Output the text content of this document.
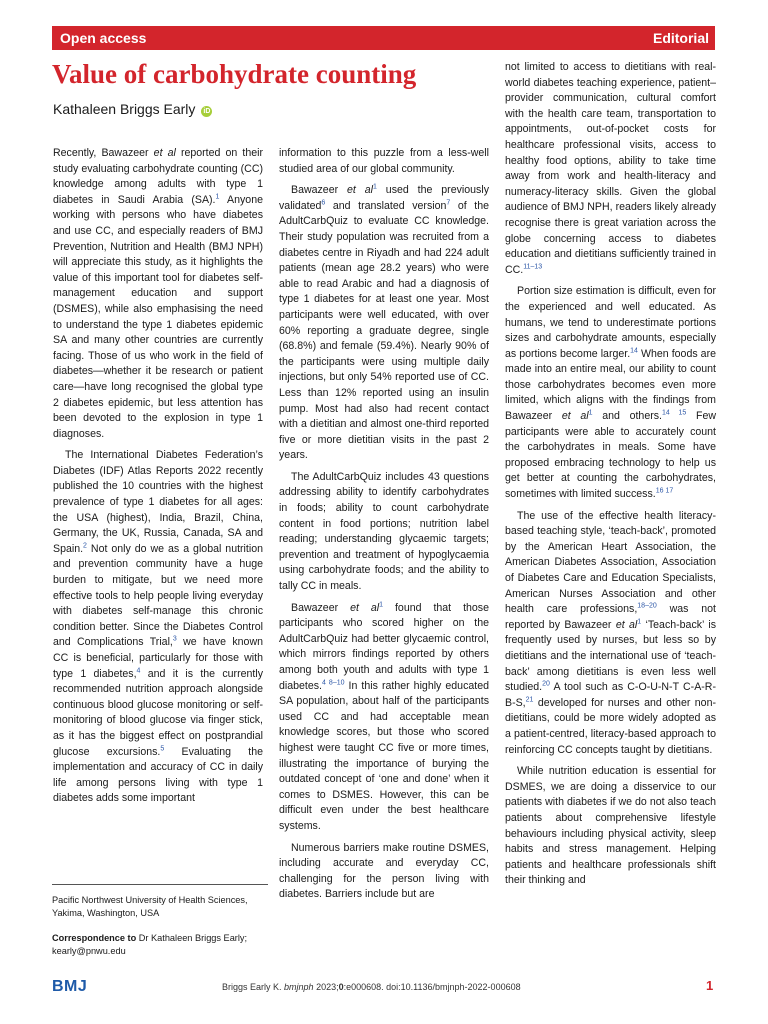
Open access	Editorial
Value of carbohydrate counting
Kathaleen Briggs Early iD

Recently, Bawazeer et al reported on their study evaluating carbohydrate counting (CC) knowledge among adults with type 1 diabetes in Saudi Arabia (SA).$^1$ Anyone working with persons who have diabetes and use CC, and especially readers of BMJ Prevention, Nutrition and Health (BMJ NPH) will appreciate this study, as it highlights the value of this important tool for diabetes self-management education and support (DSMES), while also emphasising the need to understand the type 1 diabetes epidemic SA and many other countries are currently facing. Those of us who work in the field of diabetes—whether it be research or patient care—have long recognised the global type 2 diabetes epidemic, but less attention has been devoted to the explosion in type 1 diagnoses.

The International Diabetes Federation’s Diabetes (IDF) Atlas Reports 2022 recently published the 10 countries with the highest prevalence of type 1 diabetes for all ages: the USA (highest), India, Brazil, China, Germany, the UK, Russia, Canada, SA and Spain.$^2$ Not only do we as a global nutrition and prevention community have a huge burden to mitigate, but we need more effective tools to help people living everyday with diabetes self-manage this chronic condition better. Since the Diabetes Control and Complications Trial,$^3$ we have known CC is beneficial, particularly for those with type 1 diabetes,$^4$ and it is the currently recommended nutrition approach alongside continuous blood glucose monitoring or self-monitoring of blood glucose via finger stick, as it has the biggest effect on postprandial glucose excursions.$^5$ Evaluating the implementation and accuracy of CC in daily life among persons living with type 1 diabetes adds some important

information to this puzzle from a less-well studied area of our global community.

Bawazeer et $al^1$ used the previously validated$^6$ and translated version$^7$ of the AdultCarbQuiz to evaluate CC knowledge. Their study population was recruited from a diabetes centre in Riyadh and had 224 adult patients (mean age 28.2 years) who were able to read Arabic and had a diagnosis of type 1 diabetes for at least one year. Most participants were well educated, with over 60% reporting a graduate degree, single (68.8%) and female (59.4%). Nearly 90% of the participants were using multiple daily injections, but only 54% reported use of CC. Less than 12% reported using an insulin pump. Most had also had recent contact with a dietitian and almost one-third reported five or more dietitian visits in the past 2 years.

The AdultCarbQuiz includes 43 questions addressing ability to identify carbohydrates in foods; ability to count carbohydrate content in food portions; nutrition label reading; understanding glycaemic targets; prevention and treatment of hypoglycaemia using carbohydrate foods; and the ability to tally CC in meals.

Bawazeer et $al^1$ found that those participants who scored higher on the AdultCarbQuiz had better glycaemic control, which mirrors findings reported by others among both youth and adults with type 1 diabetes.$^{4 8-10}$ In this rather highly educated SA population, about half of the participants used CC and had acceptable mean knowledge scores, but those who scored highest were taught CC five or more times, illustrating the importance of burying the outdated concept of ‘one and done’ when it comes to DSMES. However, this can be difficult even under the best healthcare systems.

Numerous barriers make routine DSMES, including accurate and everyday CC, challenging for the person living with diabetes. Barriers include but are

not limited to access to dietitians with real-world diabetes teaching experience, patient–provider communication, cultural comfort with the health care team, transportation to appointments, out-of-pocket costs for healthcare professional visits, access to healthy food options, ability to take time away from work and health-literacy and numeracy-literacy skills. Given the global audience of BMJ NPH, readers likely already recognise there is great variation across the globe concerning access to diabetes education and dietitians sufficiently trained in CC.$^{11-13}$

Portion size estimation is difficult, even for the experienced and well educated. As humans, we tend to underestimate portions sizes and carbohydrate amounts, especially as portions become larger.$^{14}$ When foods are made into an entire meal, our ability to count those carbohydrates becomes even more limited, which aligns with the findings from Bawazeer et $al^1$ and others.$^{14 15}$ Few participants were able to accurately count the carbohydrates in meals. Some have proposed embracing technology to help us get better at counting the carbohydrates, sometimes with limited success.$^{16 17}$

The use of the effective health literacy-based teaching style, ‘teach-back’, promoted by the American Heart Association, the American Diabetes Association, Association of Diabetes Care and Education Specialists, American Nurses Association and other health care professions,$^{18-20}$ was not reported by Bawazeer et $al^1$ ‘Teach-back’ is frequently used by nurses, but less so by dietitians and the international use of ‘teach-back’ among dietitians is even less well studied.$^{20}$ A tool such as C-O-U-N-T C-A-R-B-S,$^{21}$ developed for nurses and other non-dietitians, could be more widely adopted as a patient-centred, literacy-based approach to reinforcing CC concepts taught by dietitians.

While nutrition education is essential for DSMES, we are doing a disservice to our patients with diabetes if we do not also teach patients about comprehensive lifestyle behaviours including physical activity, sleep habits and stress management. Helping patients and healthcare professionals shift their thinking and

Pacific Northwest University of Health Sciences, Yakima, Washington, USA
Correspondence to Dr Kathaleen Briggs Early; kearly@pnwu.edu
BMJ	Briggs Early K. bmjnph 2023;0:e000608. doi:10.1136/bmjnph-2022-000608	1
